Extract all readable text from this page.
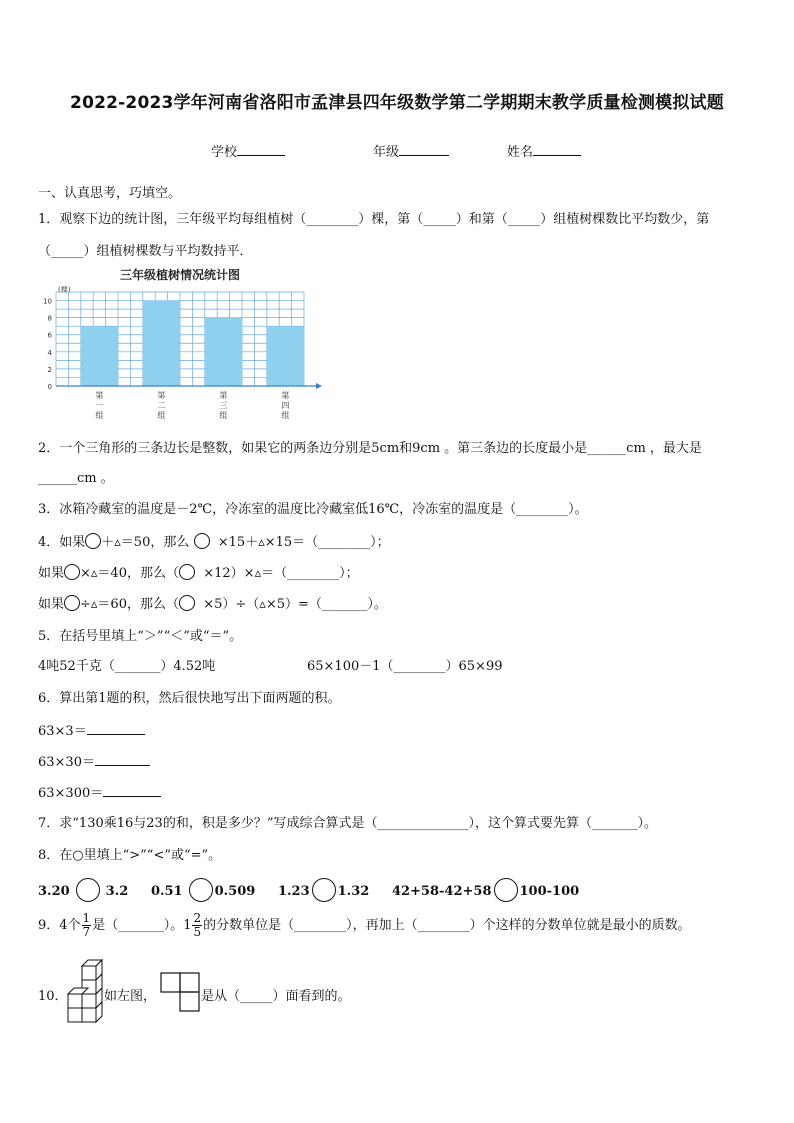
2022-2023学年河南省洛阳市孟津县四年级数学第二学期期末教学质量检测模拟试题
学校	年级	姓名
一、认真思考，巧填空。
1．观察下边的统计图，三年级平均每组植树（________）棵，第（_____）和第（_____）组植树棵数比平均数少，第
（_____）组植树棵数与平均数持平．
三年级植树情况统计图
(棵)
0
2
4
6
8
10
第
一
组
第
二
组
第
三
组
第
四
组
2．一个三角形的三条边长是整数，如果它的两条边分别是5cm和9cm 。第三条边的长度最小是______cm ，最大是
______cm 。
3．冰箱冷藏室的温度是－2℃，冷冻室的温度比冷藏室低16℃，冷冻室的温度是（________）。
4．如果 ＋▵＝50，那么 ×15＋▵×15＝（________）；
如果 ×▵＝40，那么（ ×12）×▵＝（________）；
如果 ÷▵＝60，那么（ ×5）÷（▵×5）=（_______）。
5．在括号里填上“＞”“＜”或“＝”。
4吨52千克（_______）4.52吨	65×100－1（________）65×99
6．算出第1题的积，然后很快地写出下面两题的积。
63×3＝
63×30＝
63×300＝
7．求“130乘16与23的和，积是多少？”写成综合算式是（______________），这个算式要先算（_______）。
8．在○里填上“>”“<”或“=”。
3.20	3.2 0.51 0.509 1.23 1.32 42+58-42+58 100-100
9．4个 $\frac{1}{7}$ 是（_______）。$1 \frac{2}{5}$ 的分数单位是（________），再加上（________）个这样的分数单位就是最小的质数。
10．	如左图，	是从（_____）面看到的。
